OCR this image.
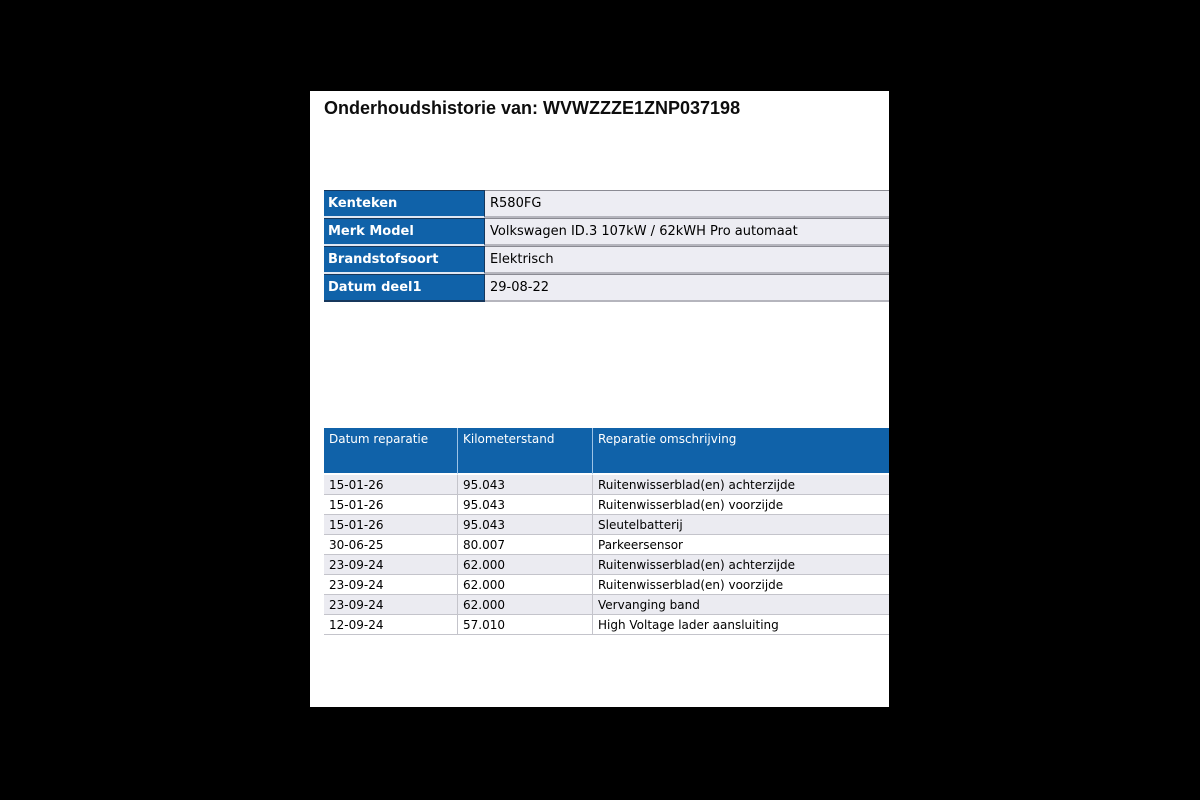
Onderhoudshistorie van: WVWZZZE1ZNP037198
Kenteken	R580FG
Merk Model	Volkswagen ID.3 107kW / 62kWH Pro automaat
Brandstofsoort	Elektrisch
Datum deel1	29-08-22
Datum reparatie	Kilometerstand	Reparatie omschrijving
15-01-26	95.043	Ruitenwisserblad(en) achterzijde
15-01-26	95.043	Ruitenwisserblad(en) voorzijde
15-01-26	95.043	Sleutelbatterij
30-06-25	80.007	Parkeersensor
23-09-24	62.000	Ruitenwisserblad(en) achterzijde
23-09-24	62.000	Ruitenwisserblad(en) voorzijde
23-09-24	62.000	Vervanging band
12-09-24	57.010	High Voltage lader aansluiting
